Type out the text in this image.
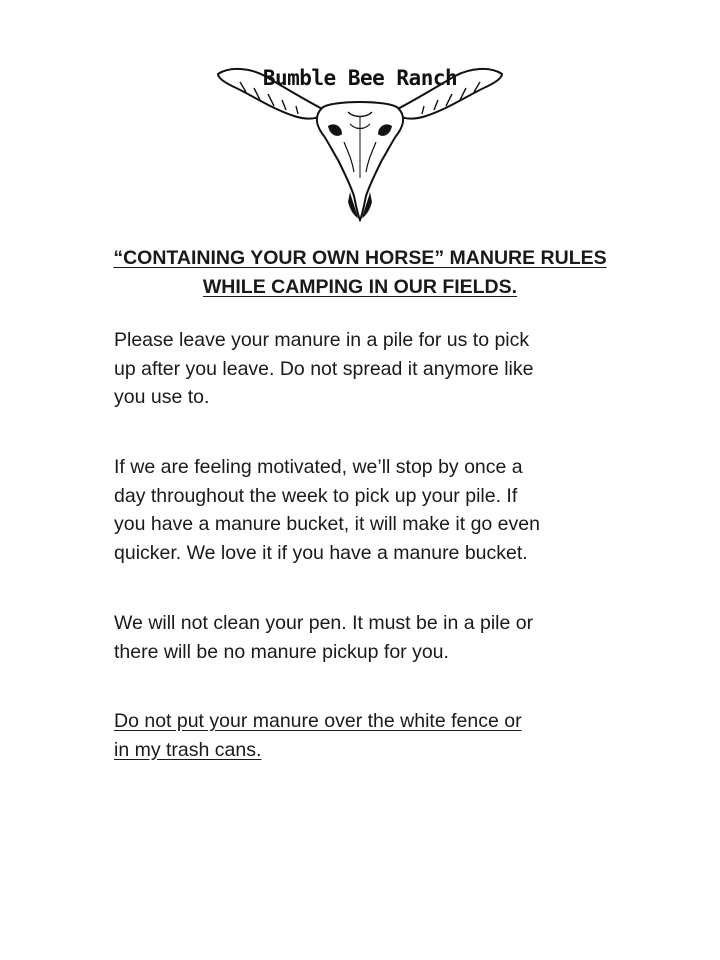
Bumble Bee Ranch
“CONTAINING YOUR OWN HORSE” MANURE RULES
WHILE CAMPING IN OUR FIELDS.
Please leave your manure in a pile for us to pick
up after you leave. Do not spread it anymore like
you use to.
If we are feeling motivated, we’ll stop by once a
day throughout the week to pick up your pile. If
you have a manure bucket, it will make it go even
quicker. We love it if you have a manure bucket.
We will not clean your pen. It must be in a pile or
there will be no manure pickup for you.
Do not put your manure over the white fence or
in my trash cans.
